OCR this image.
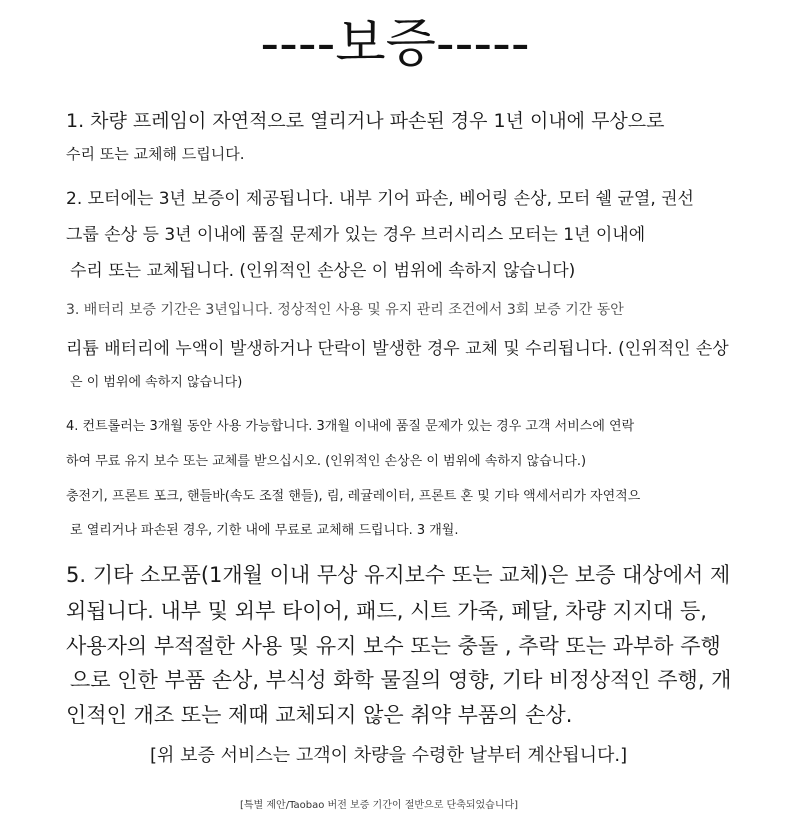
----보증-----
1. 차량 프레임이 자연적으로 열리거나 파손된 경우 1년 이내에 무상으로
수리 또는 교체해 드립니다.
2. 모터에는 3년 보증이 제공됩니다. 내부 기어 파손, 베어링 손상, 모터 쉘 균열, 권선
그룹 손상 등 3년 이내에 품질 문제가 있는 경우 브러시리스 모터는 1년 이내에
수리 또는 교체됩니다. (인위적인 손상은 이 범위에 속하지 않습니다)
3. 배터리 보증 기간은 3년입니다. 정상적인 사용 및 유지 관리 조건에서 3회 보증 기간 동안
리튬 배터리에 누액이 발생하거나 단락이 발생한 경우 교체 및 수리됩니다. (인위적인 손상
은 이 범위에 속하지 않습니다)
4. 컨트롤러는 3개월 동안 사용 가능합니다. 3개월 이내에 품질 문제가 있는 경우 고객 서비스에 연락
하여 무료 유지 보수 또는 교체를 받으십시오. (인위적인 손상은 이 범위에 속하지 않습니다.)
충전기, 프론트 포크, 핸들바(속도 조절 핸들), 림, 레귤레이터, 프론트 혼 및 기타 액세서리가 자연적으
로 열리거나 파손된 경우, 기한 내에 무료로 교체해 드립니다. 3 개월.
5. 기타 소모품(1개월 이내 무상 유지보수 또는 교체)은 보증 대상에서 제
외됩니다. 내부 및 외부 타이어, 패드, 시트 가죽, 페달, 차량 지지대 등,
사용자의 부적절한 사용 및 유지 보수 또는 충돌 , 추락 또는 과부하 주행
으로 인한 부품 손상, 부식성 화학 물질의 영향, 기타 비정상적인 주행, 개
인적인 개조 또는 제때 교체되지 않은 취약 부품의 손상.
[위 보증 서비스는 고객이 차량을 수령한 날부터 계산됩니다.]
[특별 제안/Taobao 버전 보증 기간이 절반으로 단축되었습니다]
